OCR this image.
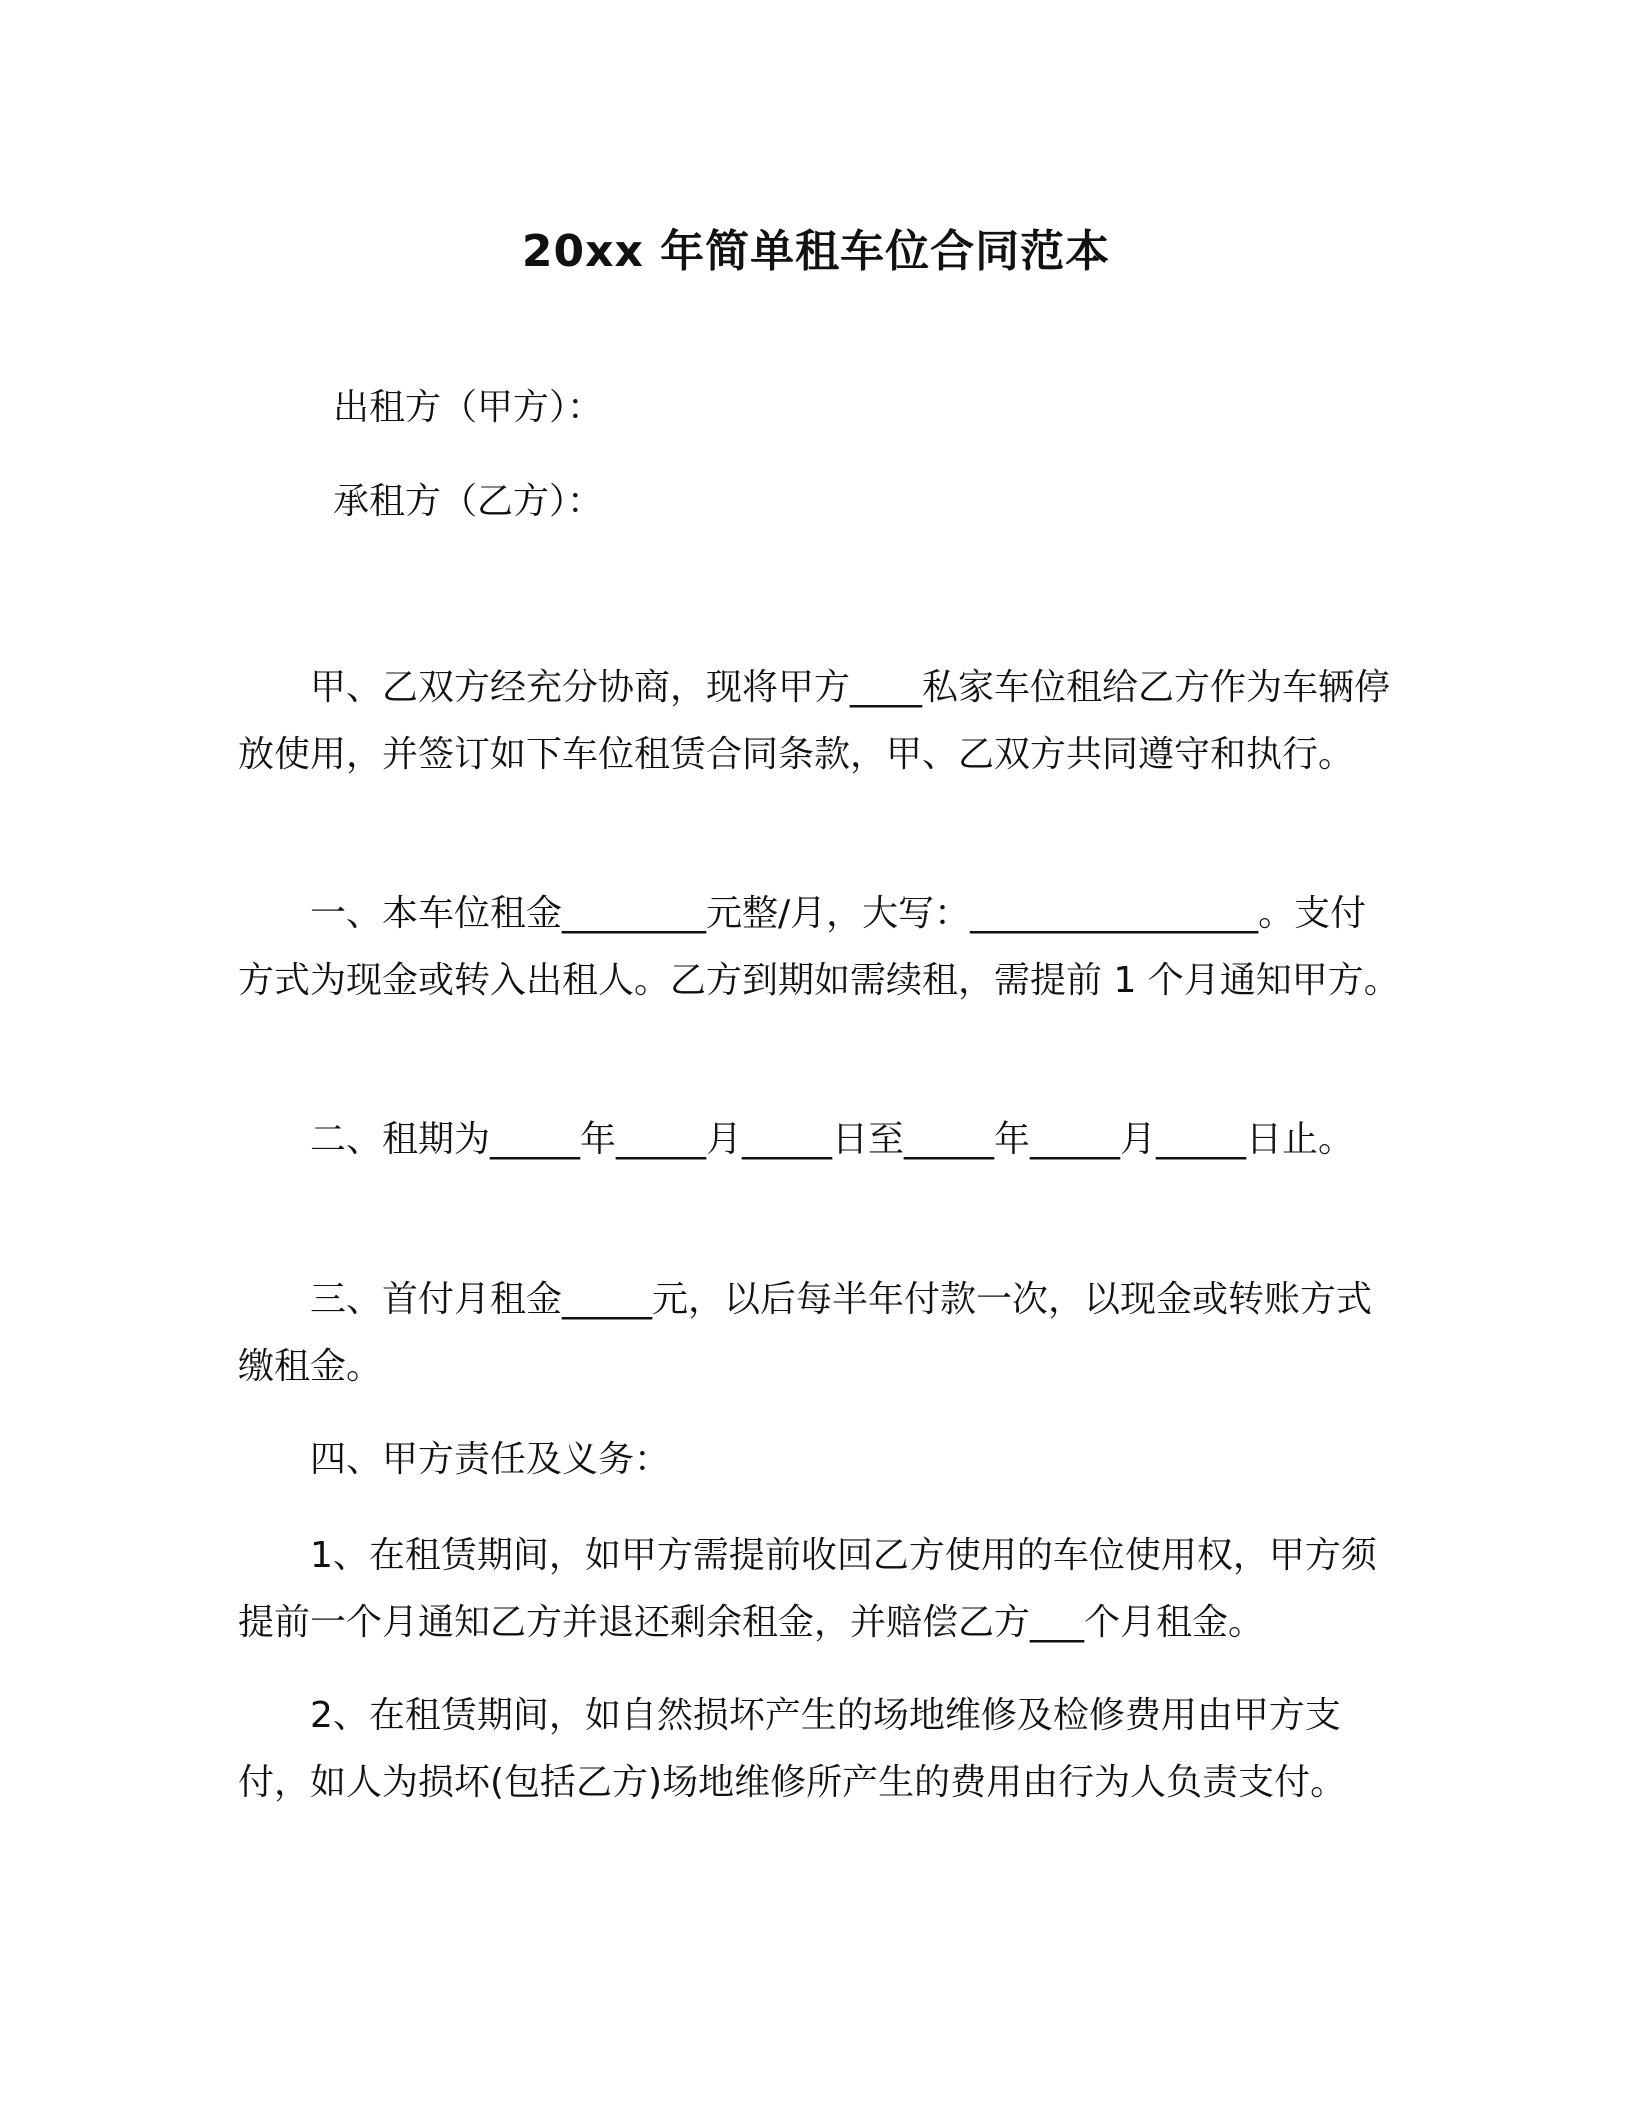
20xx 年简单租车位合同范本
出租方（甲方）：
承租方（乙方）：

甲、乙双方经充分协商，现将甲方____私家车位租给乙方作为车辆停放使用，并签订如下车位租赁合同条款，甲、乙双方共同遵守和执行。

一、本车位租金________元整/月，大写：________________。支付方式为现金或转入出租人。乙方到期如需续租，需提前 1 个月通知甲方。

二、租期为_____年_____月_____日至_____年_____月_____日止。

三、首付月租金_____元，以后每半年付款一次，以现金或转账方式缴租金。

四、甲方责任及义务：

1、在租赁期间，如甲方需提前收回乙方使用的车位使用权，甲方须提前一个月通知乙方并退还剩余租金，并赔偿乙方___个月租金。

2、在租赁期间，如自然损坏产生的场地维修及检修费用由甲方支付，如人为损坏(包括乙方)场地维修所产生的费用由行为人负责支付。
